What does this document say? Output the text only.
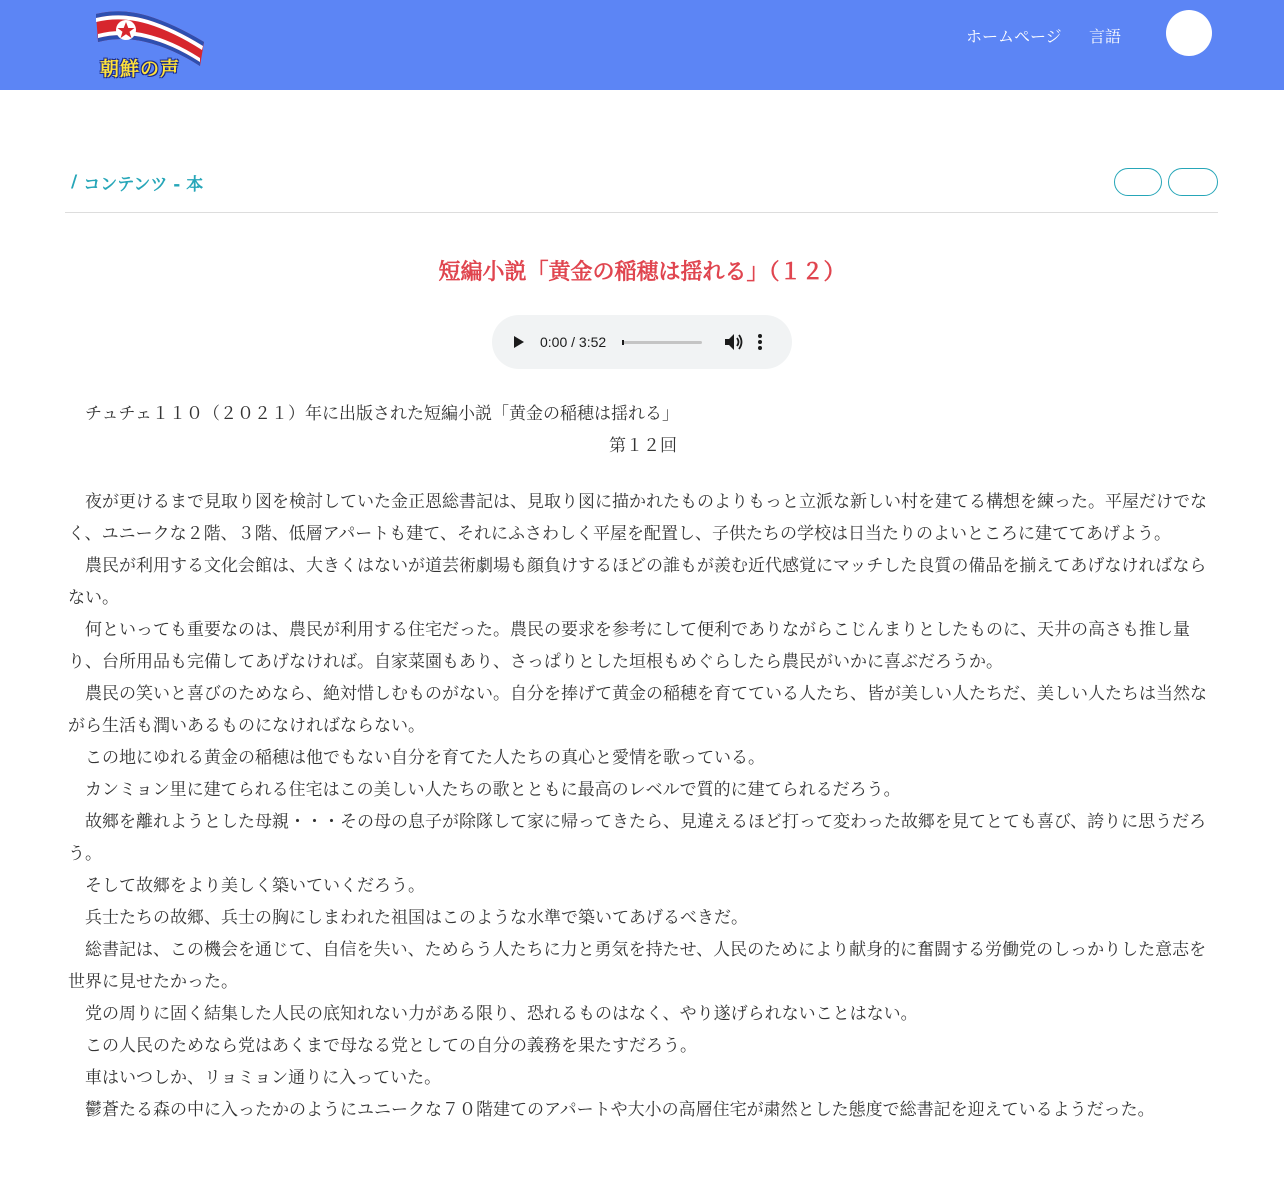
朝鮮の声
ホームページ 言語
/ コンテンツ - 本
短編小説「黄金の稲穂は揺れる」（１２）
0:00 / 3:52

チュチェ１１０（２０２１）年に出版された短編小説「黄金の稲穂は揺れる」

第１２回

夜が更けるまで見取り図を検討していた金正恩総書記は、見取り図に描かれたものよりもっと立派な新しい村を建てる構想を練った。平屋だけでなく、ユニークな２階、３階、低層アパートも建て、それにふさわしく平屋を配置し、子供たちの学校は日当たりのよいところに建ててあげよう。

農民が利用する文化会館は、大きくはないが道芸術劇場も顔負けするほどの誰もが羨む近代感覚にマッチした良質の備品を揃えてあげなければならない。

何といっても重要なのは、農民が利用する住宅だった。農民の要求を参考にして便利でありながらこじんまりとしたものに、天井の高さも推し量り、台所用品も完備してあげなければ。自家菜園もあり、さっぱりとした垣根もめぐらしたら農民がいかに喜ぶだろうか。

農民の笑いと喜びのためなら、絶対惜しむものがない。自分を捧げて黄金の稲穂を育てている人たち、皆が美しい人たちだ、美しい人たちは当然ながら生活も潤いあるものになければならない。

この地にゆれる黄金の稲穂は他でもない自分を育てた人たちの真心と愛情を歌っている。

カンミョン里に建てられる住宅はこの美しい人たちの歌とともに最高のレベルで質的に建てられるだろう。

故郷を離れようとした母親・・・その母の息子が除隊して家に帰ってきたら、見違えるほど打って変わった故郷を見てとても喜び、誇りに思うだろう。

そして故郷をより美しく築いていくだろう。

兵士たちの故郷、兵士の胸にしまわれた祖国はこのような水準で築いてあげるべきだ。

総書記は、この機会を通じて、自信を失い、ためらう人たちに力と勇気を持たせ、人民のためにより献身的に奮闘する労働党のしっかりした意志を世界に見せたかった。

党の周りに固く結集した人民の底知れない力がある限り、恐れるものはなく、やり遂げられないことはない。

この人民のためなら党はあくまで母なる党としての自分の義務を果たすだろう。

車はいつしか、リョミョン通りに入っていた。

鬱蒼たる森の中に入ったかのようにユニークな７０階建てのアパートや大小の高層住宅が粛然とした態度で総書記を迎えているようだった。
